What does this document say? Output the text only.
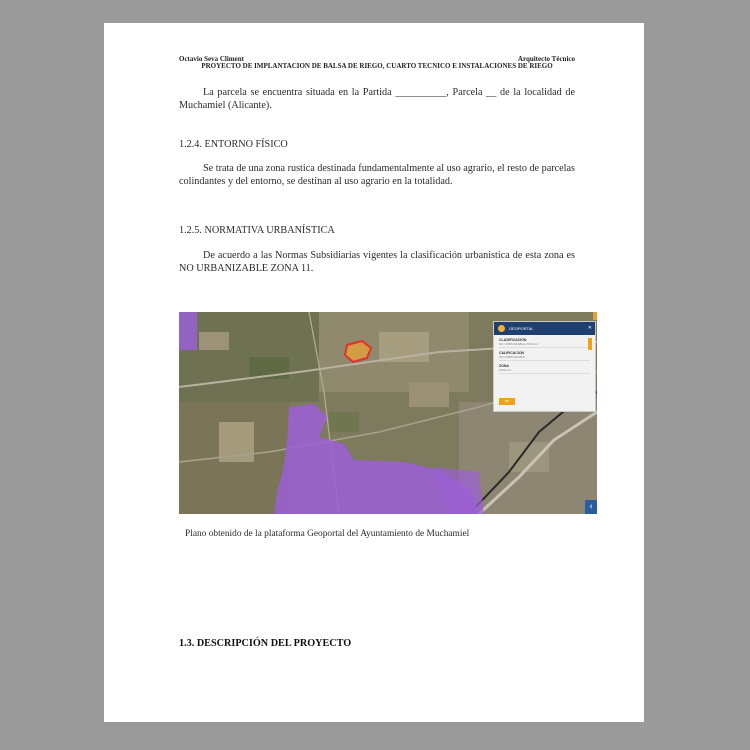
Octavio Seva Climent	Arquitecto Técnico
PROYECTO DE IMPLANTACION DE BALSA DE RIEGO, CUARTO TECNICO E INSTALACIONES DE RIEGO
La parcela se encuentra situada en la Partida __________, Parcela __ de la localidad de Muchamiel (Alicante).
1.2.4. ENTORNO FÍSICO
Se trata de una zona rustica destinada fundamentalmente al uso agrario, el resto de parcelas colindantes y del entorno, se destinan al uso agrario en la totalidad.
1.2.5. NORMATIVA URBANÍSTICA
De acuerdo a las Normas Subsidiarias vigentes la clasificación urbanistica de esta zona es NO URBANIZABLE ZONA 11.
GEOPORTAL	✕
CLASIFICACION
NO URBANIZABLE ZONA 11
CALIFICACION
NO URBANIZABLE
ZONA
ZONA 11
OK
‹
Plano obtenido de la plataforma Geoportal del Ayuntamiento de Muchamiel
1.3. DESCRIPCIÓN DEL PROYECTO
